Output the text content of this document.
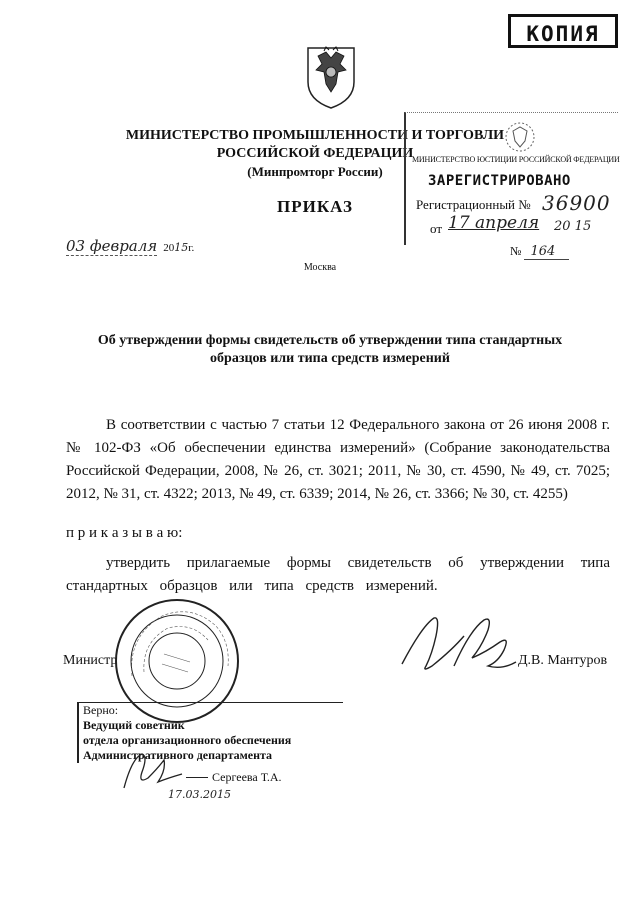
КОПИЯ
МИНИСТЕРСТВО ПРОМЫШЛЕННОСТИ И ТОРГОВЛИ
РОССИЙСКОЙ ФЕДЕРАЦИИ
(Минпромторг России)
ПРИКАЗ
МИНИСТЕРСТВО ЮСТИЦИИ РОССИЙСКОЙ ФЕДЕРАЦИИ
ЗАРЕГИСТРИРОВАНО
Регистрационный № 36900
от 17 апреля 20 15
03 февраля 2015г.	№ 164
Москва
Об утверждении формы свидетельств об утверждении типа стандартных
образцов или типа средств измерений
В соответствии с частью 7 статьи 12 Федерального закона от 26 июня 2008 г. № 102-ФЗ «Об обеспечении единства измерений» (Собрание законодательства Российской Федерации, 2008, № 26, ст. 3021; 2011, № 30, ст. 4590, № 49, ст. 7025; 2012, № 31, ст. 4322; 2013, № 49, ст. 6339; 2014, № 26, ст. 3366; № 30, ст. 4255)
п р и к а з ы в а ю:
утвердить прилагаемые формы свидетельств об утверждении типа стандартных образцов или типа средств измерений.
Министр	Д.В. Мантуров
Верно:
Ведущий советник
отдела организационного обеспечения
Административного департамента
Сергеева Т.А.
17.03.2015
